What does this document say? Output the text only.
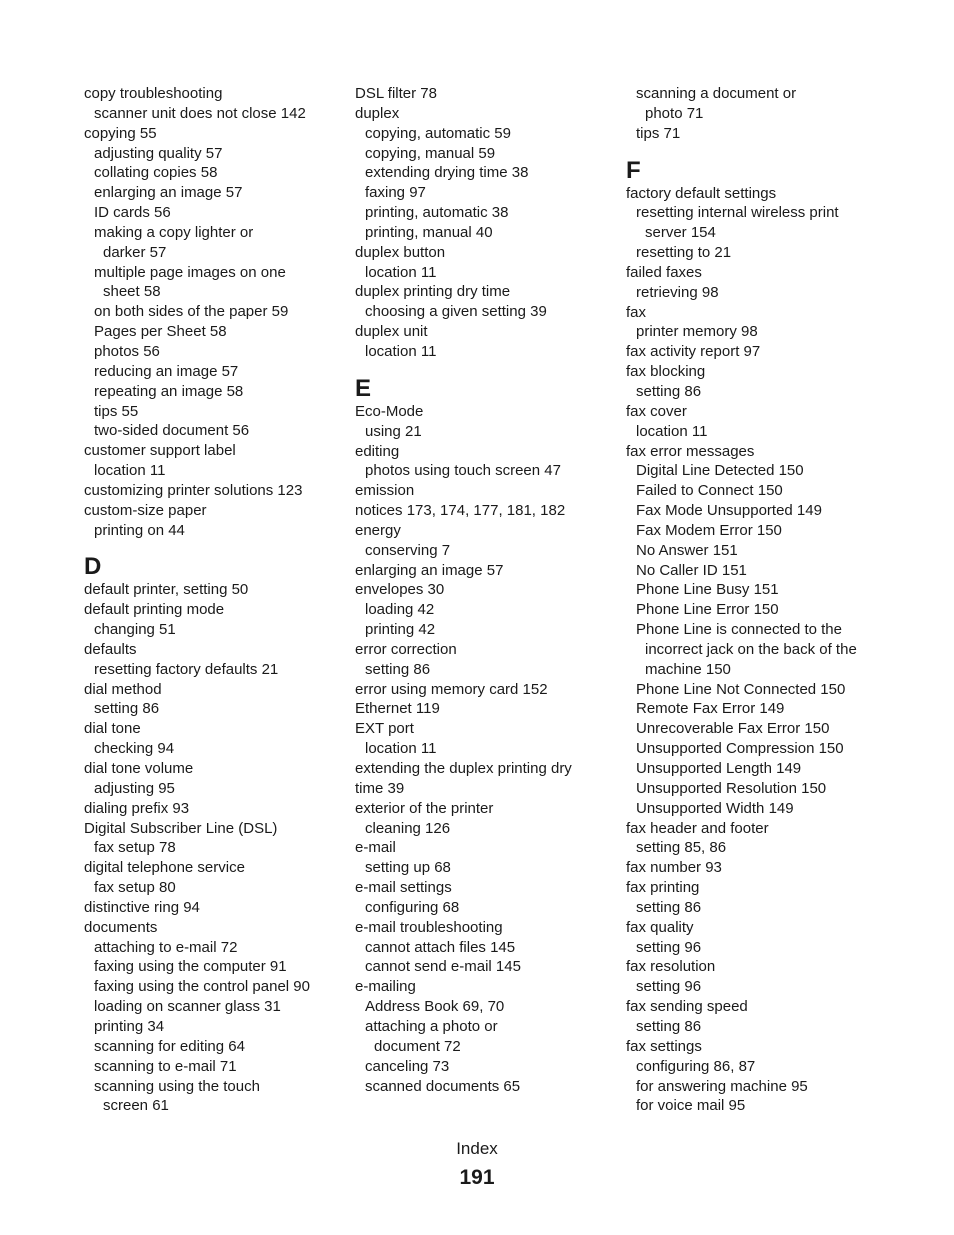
copy troubleshooting
scanner unit does not close 142
copying 55
adjusting quality 57
collating copies 58
enlarging an image 57
ID cards 56
making a copy lighter or
darker 57
multiple page images on one
sheet 58
on both sides of the paper 59
Pages per Sheet 58
photos 56
reducing an image 57
repeating an image 58
tips 55
two-sided document 56
customer support label
location 11
customizing printer solutions 123
custom-size paper
printing on 44
D
default printer, setting 50
default printing mode
changing 51
defaults
resetting factory defaults 21
dial method
setting 86
dial tone
checking 94
dial tone volume
adjusting 95
dialing prefix 93
Digital Subscriber Line (DSL)
fax setup 78
digital telephone service
fax setup 80
distinctive ring 94
documents
attaching to e-mail 72
faxing using the computer 91
faxing using the control panel 90
loading on scanner glass 31
printing 34
scanning for editing 64
scanning to e-mail 71
scanning using the touch
screen 61
DSL filter 78
duplex
copying, automatic 59
copying, manual 59
extending drying time 38
faxing 97
printing, automatic 38
printing, manual 40
duplex button
location 11
duplex printing dry time
choosing a given setting 39
duplex unit
location 11
E
Eco-Mode
using 21
editing
photos using touch screen 47
emission
notices 173, 174, 177, 181, 182
energy
conserving 7
enlarging an image 57
envelopes 30
loading 42
printing 42
error correction
setting 86
error using memory card 152
Ethernet 119
EXT port
location 11
extending the duplex printing dry
time 39
exterior of the printer
cleaning 126
e-mail
setting up 68
e-mail settings
configuring 68
e-mail troubleshooting
cannot attach files 145
cannot send e-mail 145
e-mailing
Address Book 69, 70
attaching a photo or
document 72
canceling 73
scanned documents 65
scanning a document or
photo 71
tips 71
F
factory default settings
resetting internal wireless print
server 154
resetting to 21
failed faxes
retrieving 98
fax
printer memory 98
fax activity report 97
fax blocking
setting 86
fax cover
location 11
fax error messages
Digital Line Detected 150
Failed to Connect 150
Fax Mode Unsupported 149
Fax Modem Error 150
No Answer 151
No Caller ID 151
Phone Line Busy 151
Phone Line Error 150
Phone Line is connected to the
incorrect jack on the back of the
machine 150
Phone Line Not Connected 150
Remote Fax Error 149
Unrecoverable Fax Error 150
Unsupported Compression 150
Unsupported Length 149
Unsupported Resolution 150
Unsupported Width 149
fax header and footer
setting 85, 86
fax number 93
fax printing
setting 86
fax quality
setting 96
fax resolution
setting 96
fax sending speed
setting 86
fax settings
configuring 86, 87
for answering machine 95
for voice mail 95
Index
191
